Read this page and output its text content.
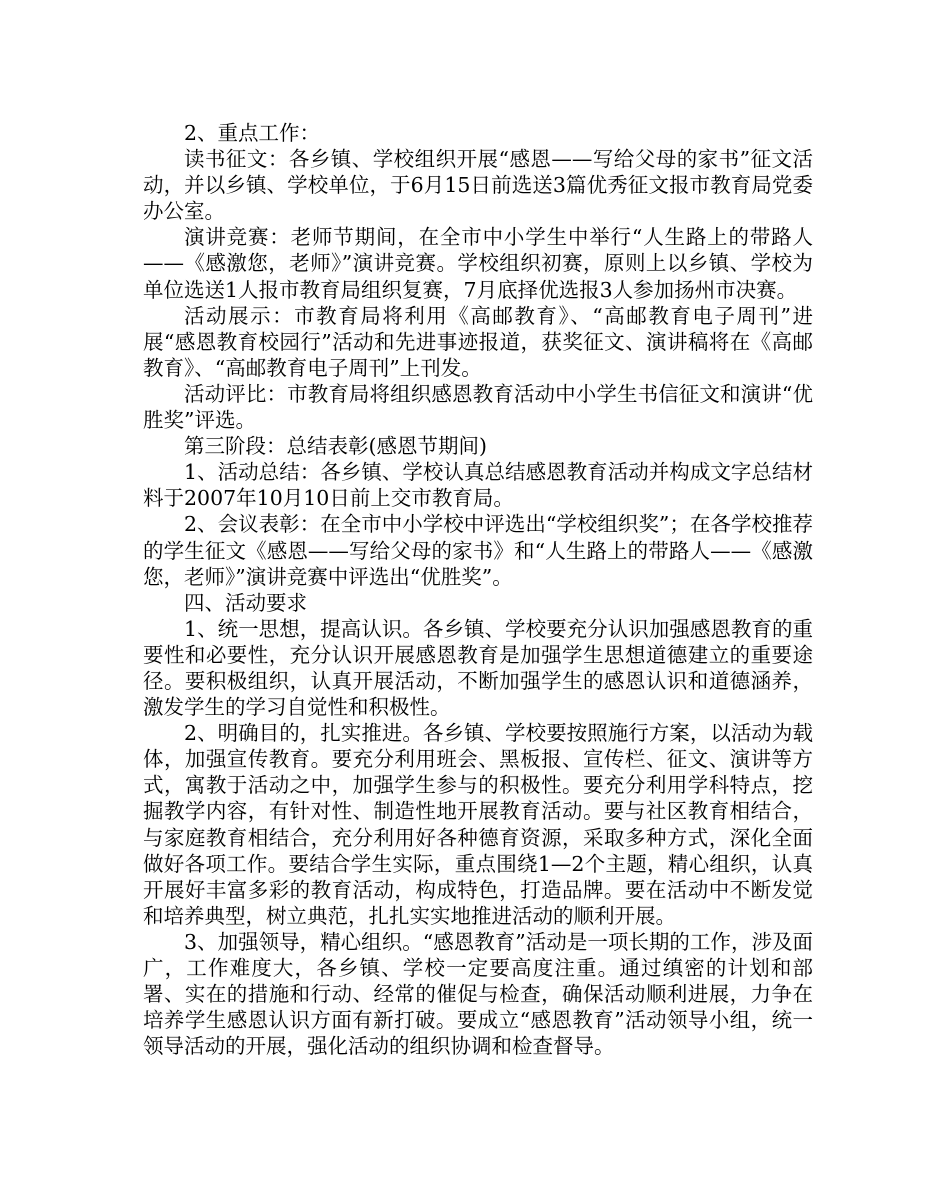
2、重点工作：

读书征文：各乡镇、学校组织开展“感恩——写给父母的家书”征文活动，并以乡镇、学校单位，于6月15日前选送3篇优秀征文报市教育局党委办公室。

演讲竞赛：老师节期间，在全市中小学生中举行“人生路上的带路人——《感激您，老师》”演讲竞赛。学校组织初赛，原则上以乡镇、学校为单位选送1人报市教育局组织复赛，7月底择优选报3人参加扬州市决赛。

活动展示：市教育局将利用《高邮教育》、“高邮教育电子周刊”进展“感恩教育校园行”活动和先进事迹报道，获奖征文、演讲稿将在《高邮教育》、“高邮教育电子周刊”上刊发。

活动评比：市教育局将组织感恩教育活动中小学生书信征文和演讲“优胜奖”评选。

第三阶段：总结表彰(感恩节期间)

1、活动总结：各乡镇、学校认真总结感恩教育活动并构成文字总结材料于2007年10月10日前上交市教育局。

2、会议表彰：在全市中小学校中评选出“学校组织奖”；在各学校推荐的学生征文《感恩——写给父母的家书》和“人生路上的带路人——《感激您，老师》”演讲竞赛中评选出“优胜奖”。

四、活动要求

1、统一思想，提高认识。各乡镇、学校要充分认识加强感恩教育的重要性和必要性，充分认识开展感恩教育是加强学生思想道德建立的重要途径。要积极组织，认真开展活动，不断加强学生的感恩认识和道德涵养，激发学生的学习自觉性和积极性。

2、明确目的，扎实推进。各乡镇、学校要按照施行方案，以活动为载体，加强宣传教育。要充分利用班会、黑板报、宣传栏、征文、演讲等方式，寓教于活动之中，加强学生参与的积极性。要充分利用学科特点，挖掘教学内容，有针对性、制造性地开展教育活动。要与社区教育相结合，与家庭教育相结合，充分利用好各种德育资源，采取多种方式，深化全面做好各项工作。要结合学生实际，重点围绕1—2个主题，精心组织，认真开展好丰富多彩的教育活动，构成特色，打造品牌。要在活动中不断发觉和培养典型，树立典范，扎扎实实地推进活动的顺利开展。

3、加强领导，精心组织。“感恩教育”活动是一项长期的工作，涉及面广，工作难度大，各乡镇、学校一定要高度注重。通过缜密的计划和部署、实在的措施和行动、经常的催促与检查，确保活动顺利进展，力争在培养学生感恩认识方面有新打破。要成立“感恩教育”活动领导小组，统一领导活动的开展，强化活动的组织协调和检查督导。
